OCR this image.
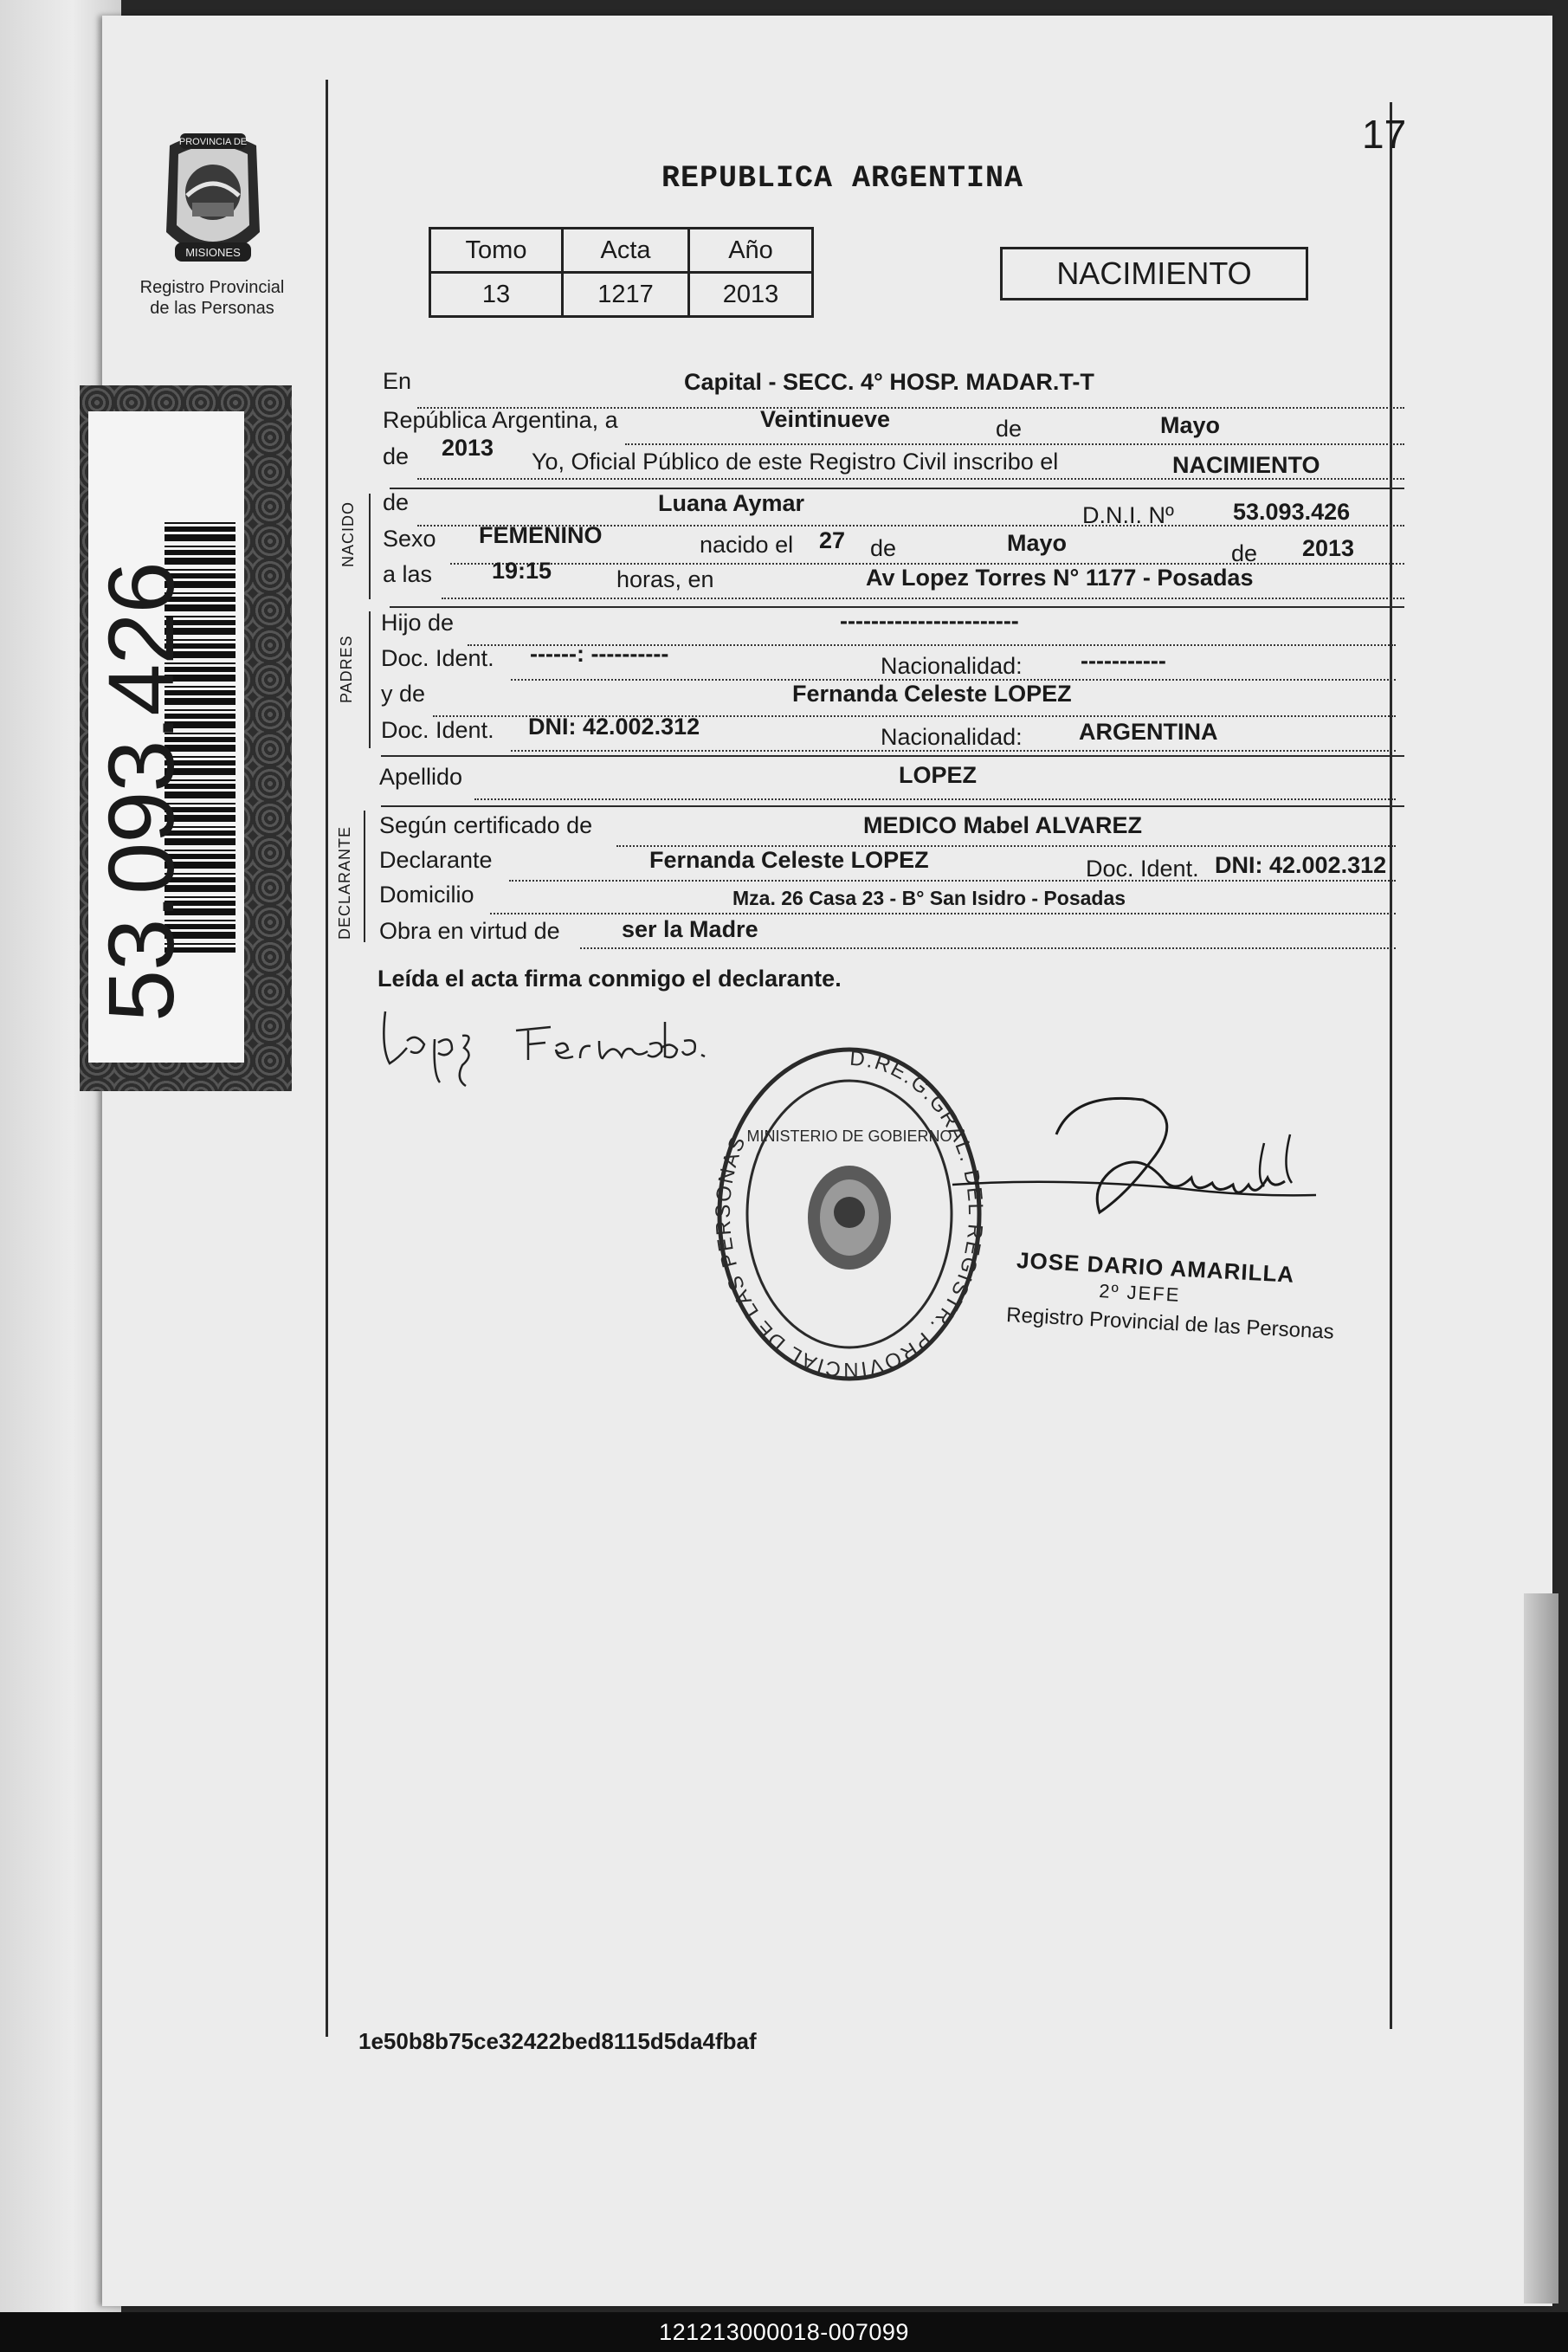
PROVINCIA DE
MISIONES
Registro Provincial
de las Personas
53.093.426
17
REPUBLICA ARGENTINA
Tomo	Acta	Año
13	1217	2013
NACIMIENTO
En	Capital - SECC. 4° HOSP. MADAR.T-T
República Argentina, a	Veintinueve	de	Mayo
de 2013
Yo, Oficial Público de este Registro Civil inscribo el	NACIMIENTO
NACIDO de	Luana Aymar	D.N.I. Nº	53.093.426
Sexo FEMENINO	nacido el 27 de	Mayo	de 2013
a las	19:15	horas, en	Av Lopez Torres N° 1177 - Posadas
PADRES
Hijo de	-----------------------
Doc. Ident. ------: ----------	Nacionalidad: -----------
y de	Fernanda Celeste LOPEZ
Doc. Ident. DNI: 42.002.312	Nacionalidad: ARGENTINA
Apellido	LOPEZ
DECLARANTE
Según certificado de	MEDICO Mabel ALVAREZ
Declarante	Fernanda Celeste LOPEZ	Doc. Ident. DNI: 42.002.312
Domicilio	Mza. 26 Casa 23 - B° San Isidro - Posadas
Obra en virtud de	ser la Madre
Leída el acta firma conmigo el declarante.
D.RE.G.GRAL. DEL REGISTR. PROVINCIAL DE LAS PERSONAS
MINISTERIO DE GOBIERNO
JOSE DARIO AMARILLA
2º JEFE
Registro Provincial de las Personas
1e50b8b75ce32422bed8115d5da4fbaf
121213000018-007099
